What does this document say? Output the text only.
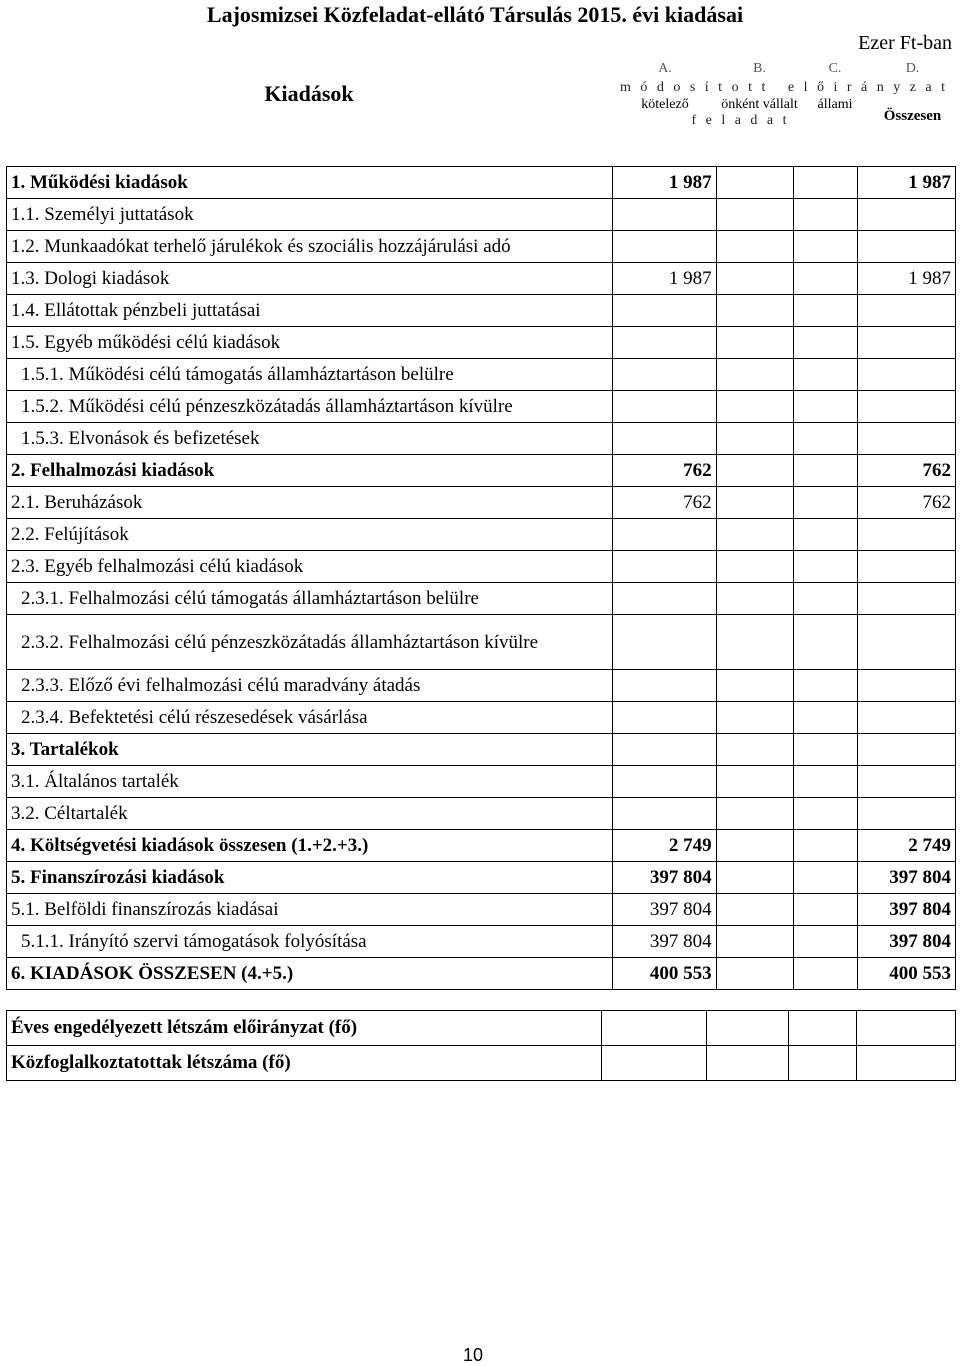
Lajosmizsei Közfeladat-ellátó Társulás 2015. évi kiadásai
Ezer Ft-ban
Kiadások	A.	B.	C.	D.
	m ó d o s í t o t t   e l ő i r á n y z a t			
	kötelező	önként vállalt	állami	Összesen
	f e l a d a t			
1. Működési kiadások	1 987			1 987
1.1. Személyi juttatások				
1.2. Munkaadókat terhelő járulékok és szociális hozzájárulási adó				
1.3. Dologi kiadások	1 987			1 987
1.4. Ellátottak pénzbeli juttatásai				
1.5. Egyéb működési célú kiadások				
1.5.1. Működési célú támogatás államháztartáson belülre				
1.5.2. Működési célú pénzeszközátadás államháztartáson kívülre				
1.5.3. Elvonások és befizetések				
2. Felhalmozási kiadások	762			762
2.1. Beruházások	762			762
2.2. Felújítások				
2.3. Egyéb felhalmozási célú kiadások				
2.3.1. Felhalmozási célú támogatás államháztartáson belülre				
2.3.2. Felhalmozási célú pénzeszközátadás államháztartáson kívülre				
2.3.3. Előző évi felhalmozási célú maradvány átadás				
2.3.4. Befektetési célú részesedések vásárlása				
3. Tartalékok				
3.1. Általános tartalék				
3.2. Céltartalék				
4. Költségvetési kiadások összesen (1.+2.+3.)	2 749			2 749
5. Finanszírozási kiadások	397 804			397 804
5.1. Belföldi finanszírozás kiadásai	397 804			397 804
5.1.1. Irányító szervi támogatások folyósítása	397 804			397 804
6. KIADÁSOK ÖSSZESEN (4.+5.)	400 553			400 553
Éves engedélyezett létszám előirányzat (fő)				
Közfoglalkoztatottak létszáma (fő)				
10
